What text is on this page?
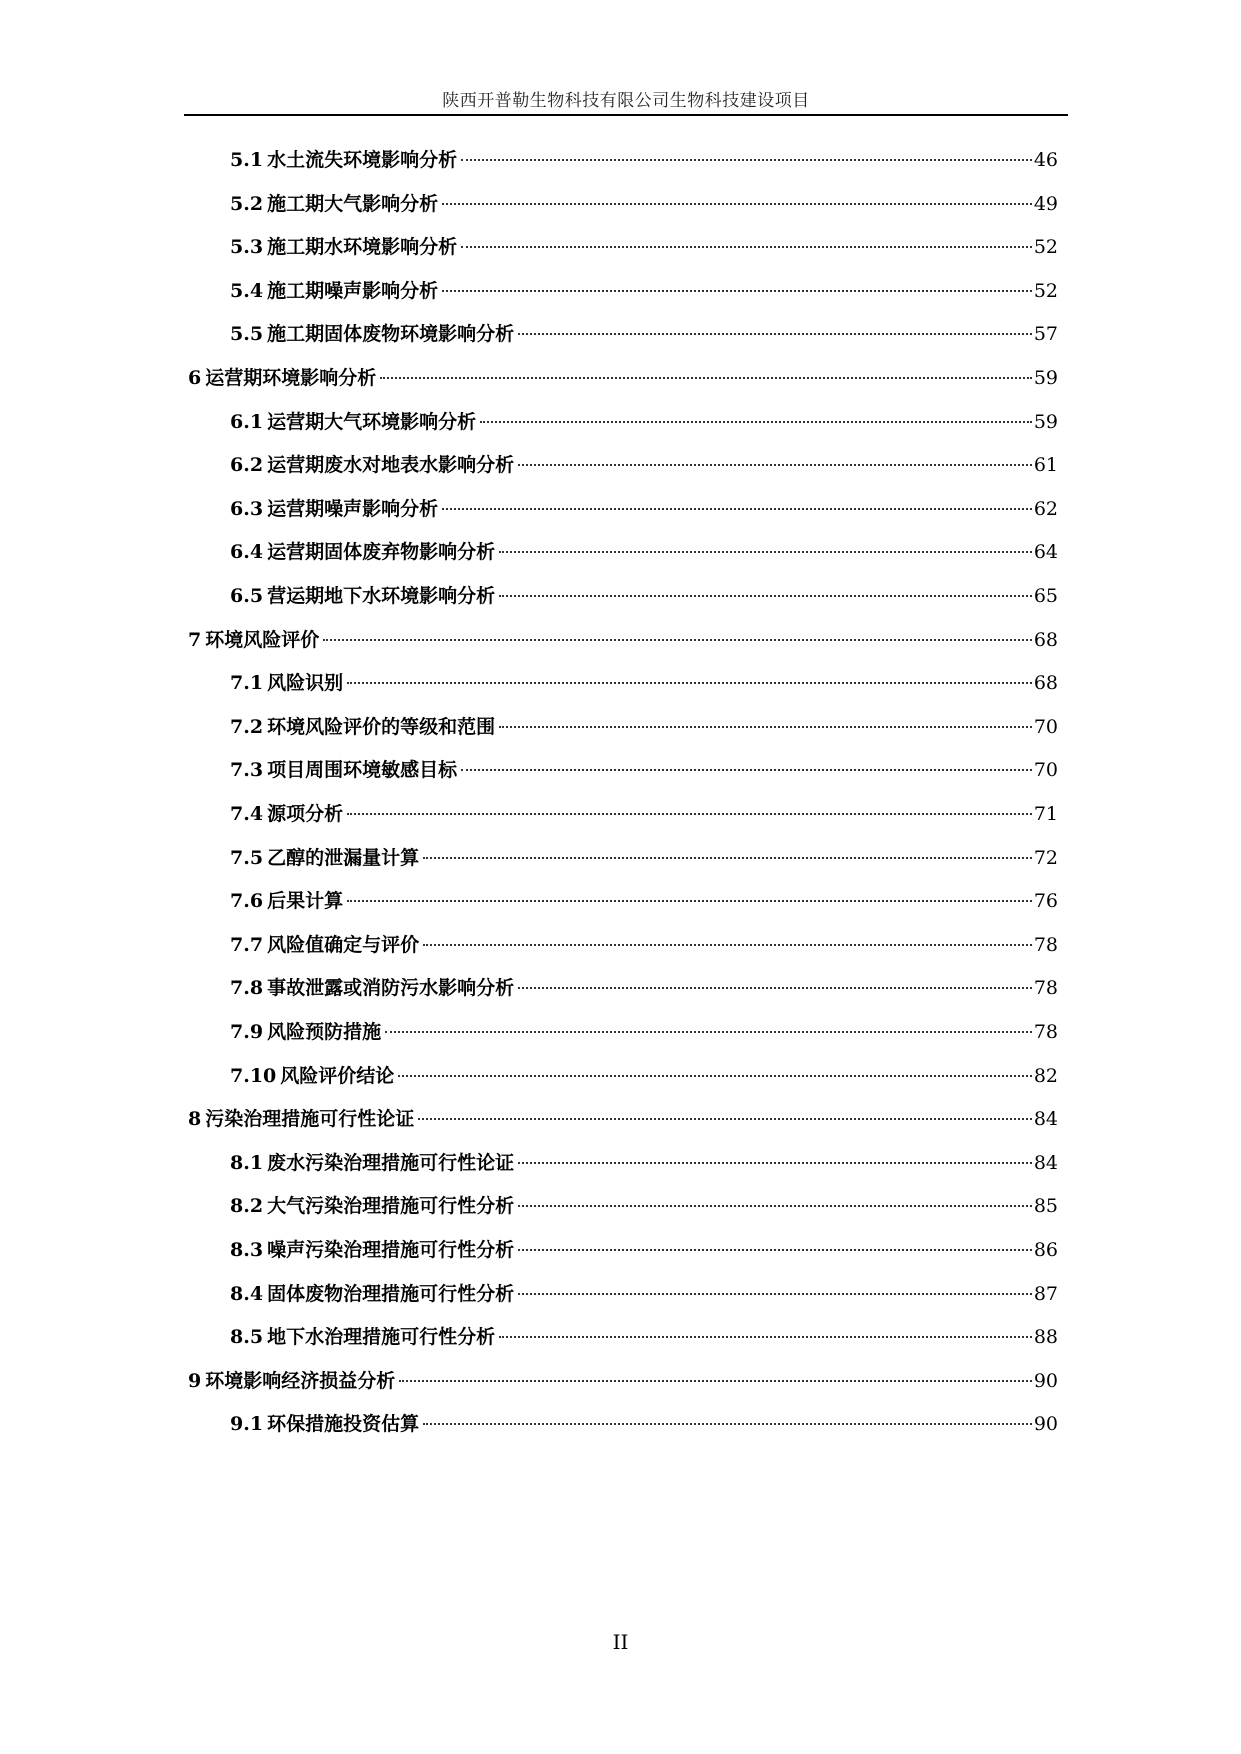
陕西开普勒生物科技有限公司生物科技建设项目
5.1 水土流失环境影响分析	46
5.2 施工期大气影响分析	49
5.3 施工期水环境影响分析	52
5.4 施工期噪声影响分析	52
5.5 施工期固体废物环境影响分析	57
6 运营期环境影响分析	59
6.1 运营期大气环境影响分析	59
6.2 运营期废水对地表水影响分析	61
6.3 运营期噪声影响分析	62
6.4 运营期固体废弃物影响分析	64
6.5 营运期地下水环境影响分析	65
7 环境风险评价	68
7.1 风险识别	68
7.2 环境风险评价的等级和范围	70
7.3 项目周围环境敏感目标	70
7.4 源项分析	71
7.5 乙醇的泄漏量计算	72
7.6 后果计算	76
7.7 风险值确定与评价	78
7.8 事故泄露或消防污水影响分析	78
7.9 风险预防措施	78
7.10 风险评价结论	82
8 污染治理措施可行性论证	84
8.1 废水污染治理措施可行性论证	84
8.2 大气污染治理措施可行性分析	85
8.3 噪声污染治理措施可行性分析	86
8.4 固体废物治理措施可行性分析	87
8.5 地下水治理措施可行性分析	88
9 环境影响经济损益分析	90
9.1 环保措施投资估算	90
II
